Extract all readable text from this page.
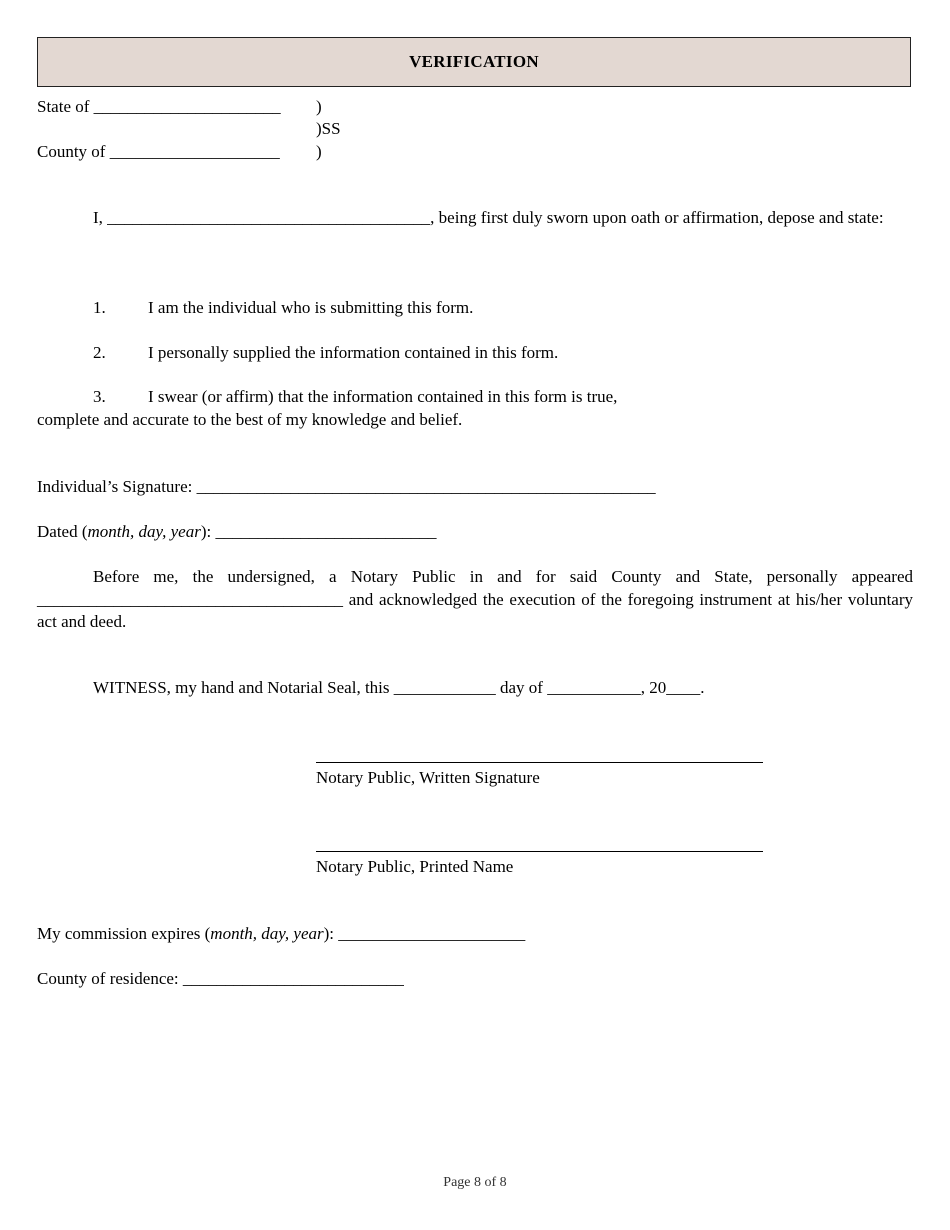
VERIFICATION
State of ______________________ )
)SS
County of ____________________ )
I, ______________________________________, being first duly sworn upon oath or affirmation, depose and state:
1. I am the individual who is submitting this form.
2. I personally supplied the information contained in this form.
3. I swear (or affirm) that the information contained in this form is true,
complete and accurate to the best of my knowledge and belief.
Individual’s Signature: ______________________________________________________
Dated (month, day, year): __________________________
Before me, the undersigned, a Notary Public in and for said County and State, personally appeared ____________________________________ and acknowledged the execution of the foregoing instrument at his/her voluntary act and deed.
WITNESS, my hand and Notarial Seal, this ____________ day of ___________, 20____.
Notary Public, Written Signature
Notary Public, Printed Name
My commission expires (month, day, year): ______________________
County of residence: __________________________
Page 8 of 8
